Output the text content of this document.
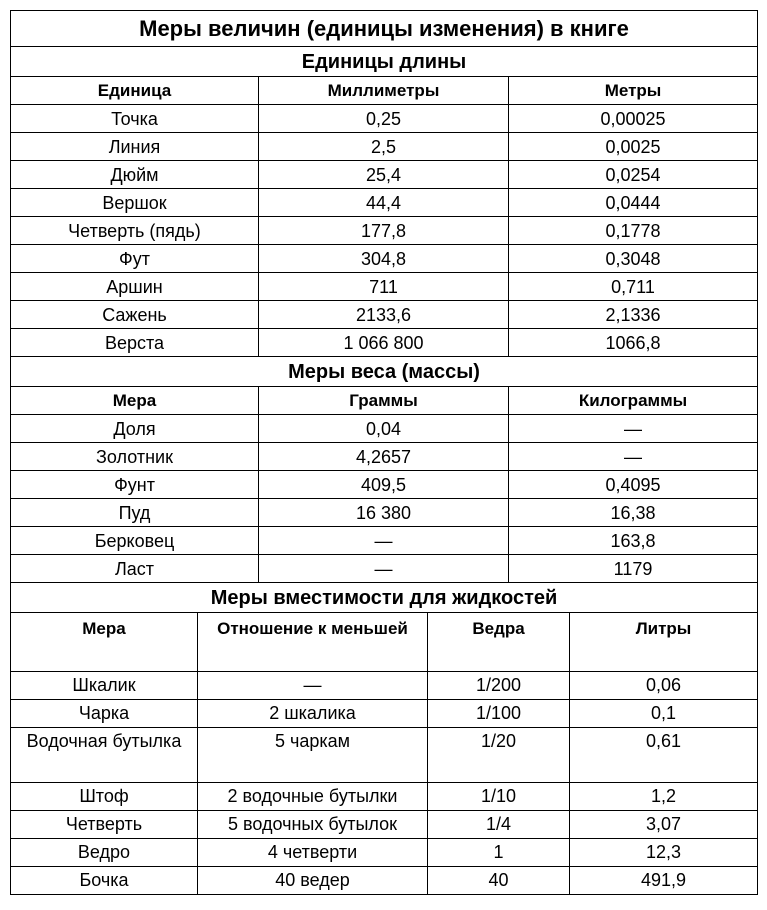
Меры величин (единицы изменения) в книге		
Единицы длины		
Единица	Миллиметры	Метры
Точка	0,25	0,00025
Линия	2,5	0,0025
Дюйм	25,4	0,0254
Вершок	44,4	0,0444
Четверть (пядь)	177,8	0,1778
Фут	304,8	0,3048
Аршин	711	0,711
Сажень	2133,6	2,1336
Верста	1 066 800	1066,8
Меры веса (массы)		
Мера	Граммы	Килограммы
Доля	0,04	—
Золотник	4,2657	—
Фунт	409,5	0,4095
Пуд	16 380	16,38
Берковец	—	163,8
Ласт	—	1179
Меры вместимости для жидкостей		
Мера	Отношение к меньшей	Ведра	Литры
Шкалик	—	1/200	0,06
Чарка	2 шкалика	1/100	0,1
Водочная бутылка	5 чаркам	1/20	0,61
Штоф	2 водочные бутылки	1/10	1,2
Четверть	5 водочных бутылок	1/4	3,07
Ведро	4 четверти	1	12,3
Бочка	40 ведер	40	491,9
